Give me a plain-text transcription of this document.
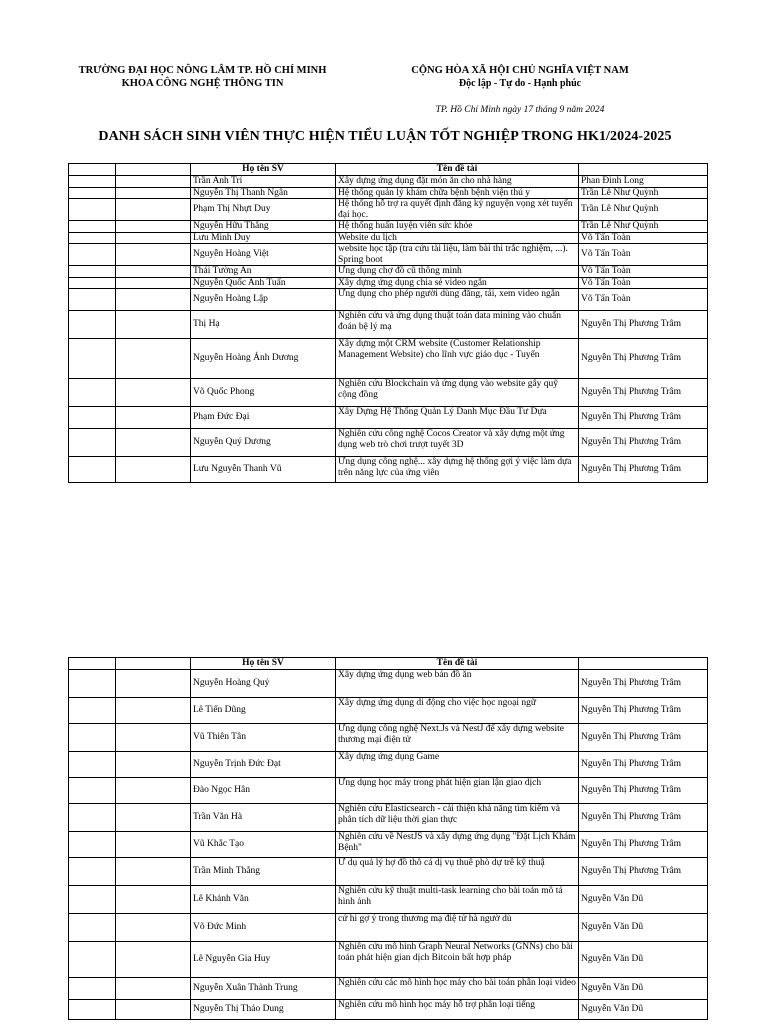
TRƯỜNG ĐẠI HỌC NÔNG LÂM TP. HỒ CHÍ MINH
KHOA CÔNG NGHỆ THÔNG TIN
CỘNG HÒA XÃ HỘI CHỦ NGHĨA VIỆT NAM
Độc lập - Tự do - Hạnh phúc
TP. Hồ Chí Minh ngày 17 tháng 9 năm 2024
DANH SÁCH SINH VIÊN THỰC HIỆN TIỂU LUẬN TỐT NGHIỆP TRONG HK1/2024-2025
		Họ tên SV	Tên đề tài	
		Trần Anh Trí	Xây dựng ứng dụng đặt món ăn cho nhà hàng	Phan Đình Long
		Nguyễn Thị Thanh Ngân	Hệ thống quản lý khám chữa bệnh bệnh viện thú y	Trần Lê Như Quỳnh
		Phạm Thị Nhựt Duy	Hệ thống hỗ trợ ra quyết định đăng ký nguyện vọng xét tuyển đại học.	Trần Lê Như Quỳnh
		Nguyễn Hữu Thắng	Hệ thống huấn luyện viên sức khỏe	Trần Lê Như Quỳnh
		Lưu Minh Duy	Website du lịch	Võ Tấn Toàn
		Nguyễn Hoàng Việt	website học tập (tra cứu tài liệu, làm bài thi trắc nghiệm, ...). Spring boot	Võ Tấn Toàn
		Thái Tường An	Ứng dụng chợ đồ cũ thông minh	Võ Tấn Toàn
		Nguyễn Quốc Anh Tuấn	Xây dựng ứng dụng chia sẻ video ngắn	Võ Tấn Toàn
		Nguyễn Hoàng Lập	Ứng dụng cho phép người dùng đăng, tải, xem video ngắn	Võ Tấn Toàn
		Thị Hạ	Nghiên cứu và ứng dụng thuật toán data mining vào chuẩn đoán bệ lý mạ	Nguyễn Thị Phương Trâm
		Nguyễn Hoàng Ánh Dương	Xây dựng một CRM website (Customer Relationship Management Website) cho lĩnh vực giáo dục - Tuyển	Nguyễn Thị Phương Trâm
		Võ Quốc Phong	Nghiên cứu Blockchain và ứng dụng vào website gây quỹ cộng đồng	Nguyễn Thị Phương Trâm
		Phạm Đức Đại	Xây Dựng Hệ Thống Quản Lý Danh Mục Đầu Tư Dựa	Nguyễn Thị Phương Trâm
		Nguyễn Quý Dương	Nghiên cứu công nghệ Cocos Creator và xây dựng một ứng dụng web trò chơi trượt tuyết 3D	Nguyễn Thị Phương Trâm
		Lưu Nguyễn Thanh Vũ	Ứng dụng công nghệ... xây dựng hệ thống gợi ý việc làm dựa trên năng lực của ứng viên	Nguyễn Thị Phương Trâm
		Họ tên SV	Tên đề tài	
		Nguyễn Hoàng Quý	Xây dựng ứng dụng web bán đồ ăn	Nguyễn Thị Phương Trâm
		Lê Tiến Dũng	Xây dựng ứng dụng di động cho việc học ngoại ngữ	Nguyễn Thị Phương Trâm
		Vũ Thiên Tân	Ứng dụng công nghệ Next.Js và NestJ để xây dựng website thương mại điện tử	Nguyễn Thị Phương Trâm
		Nguyễn Trịnh Đức Đạt	Xây dựng ứng dụng Game	Nguyễn Thị Phương Trâm
		Đào Ngọc Hân	Ứng dụng học máy trong phát hiện gian lận giao dịch	Nguyễn Thị Phương Trâm
		Trần Văn Hà	Nghiên cứu Elasticsearch - cải thiện khả năng tìm kiếm và phân tích dữ liệu thời gian thực	Nguyễn Thị Phương Trâm
		Vũ Khắc Tạo	Nghiên cứu về NestJS và xây dựng ứng dụng "Đặt Lịch Khám Bệnh"	Nguyễn Thị Phương Trâm
		Trần Minh Thắng	Ứ dụ quả lý hợ đồ thô cá dị vụ thuê phò dự trê kỹ thuậ	Nguyễn Thị Phương Trâm
		Lê Khánh Văn	Nghiên cứu kỹ thuật multi-task learning cho bài toán mô tả hình ảnh	Nguyễn Văn Dũ
		Võ Đức Minh	cứ hi gợ ý trong thương mạ điệ tử hà ngườ dù	Nguyễn Văn Dũ
		Lê Nguyễn Gia Huy	Nghiên cứu mô hình Graph Neural Networks (GNNs) cho bài toán phát hiện gian dịch Bitcoin bất hợp pháp	Nguyễn Văn Dũ
		Nguyễn Xuân Thành Trung	Nghiên cứu các mô hình học máy cho bài toán phân loại video	Nguyễn Văn Dũ
		Nguyễn Thị Thảo Dung	Nghiên cứu mô hình học máy hỗ trợ phân loại tiếng	Nguyễn Văn Dũ
